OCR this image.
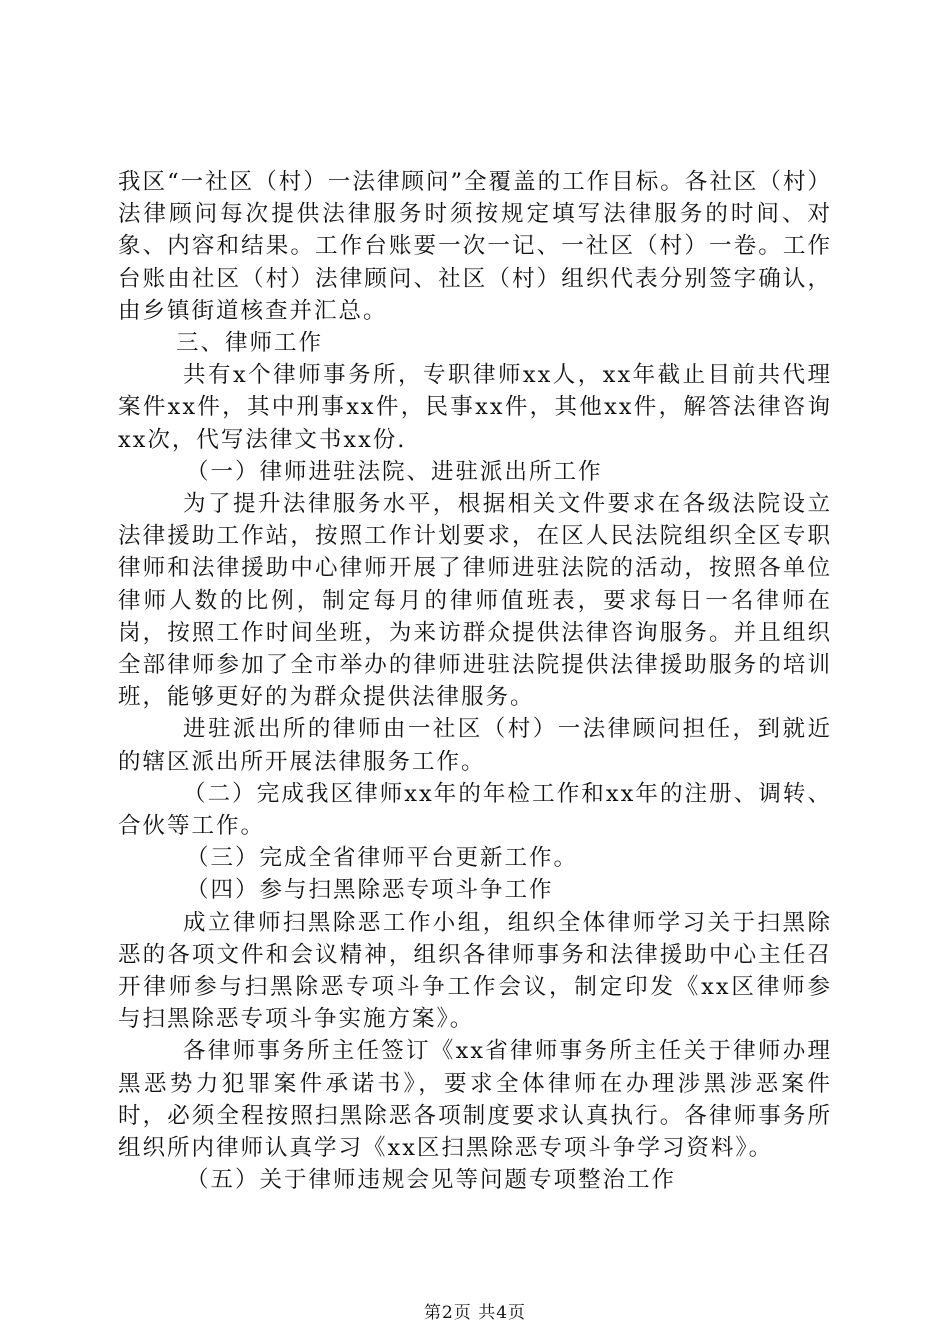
我区“一社区（村）一法律顾问”全覆盖的工作目标。各社区（村）法律顾问每次提供法律服务时须按规定填写法律服务的时间、对象、内容和结果。工作台账要一次一记、一社区（村）一卷。工作台账由社区（村）法律顾问、社区（村）组织代表分别签字确认，由乡镇街道核查并汇总。

三、律师工作

共有x个律师事务所，专职律师xx人，xx年截止目前共代理案件xx件，其中刑事xx件，民事xx件，其他xx件，解答法律咨询xx次，代写法律文书xx份.

（一）律师进驻法院、进驻派出所工作

为了提升法律服务水平，根据相关文件要求在各级法院设立法律援助工作站，按照工作计划要求，在区人民法院组织全区专职律师和法律援助中心律师开展了律师进驻法院的活动，按照各单位律师人数的比例，制定每月的律师值班表，要求每日一名律师在岗，按照工作时间坐班，为来访群众提供法律咨询服务。并且组织全部律师参加了全市举办的律师进驻法院提供法律援助服务的培训班，能够更好的为群众提供法律服务。

进驻派出所的律师由一社区（村）一法律顾问担任，到就近的辖区派出所开展法律服务工作。

（二）完成我区律师xx年的年检工作和xx年的注册、调转、合伙等工作。

（三）完成全省律师平台更新工作。

（四）参与扫黑除恶专项斗争工作

成立律师扫黑除恶工作小组，组织全体律师学习关于扫黑除恶的各项文件和会议精神，组织各律师事务和法律援助中心主任召开律师参与扫黑除恶专项斗争工作会议，制定印发《xx区律师参与扫黑除恶专项斗争实施方案》。

各律师事务所主任签订《xx省律师事务所主任关于律师办理黑恶势力犯罪案件承诺书》，要求全体律师在办理涉黑涉恶案件时，必须全程按照扫黑除恶各项制度要求认真执行。各律师事务所组织所内律师认真学习《xx区扫黑除恶专项斗争学习资料》。

（五）关于律师违规会见等问题专项整治工作

第2页 共4页
